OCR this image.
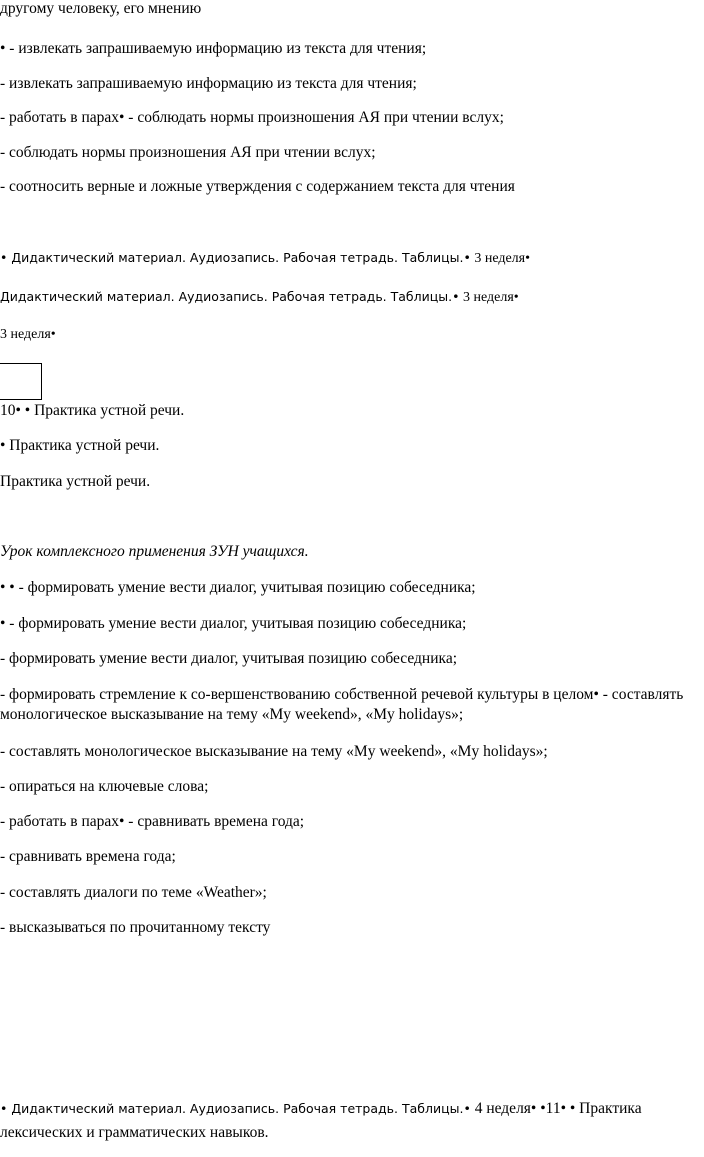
другому человеку, его мнению
• - извлекать запрашиваемую информацию из текста для чтения;
- извлекать запрашиваемую информацию из текста для чтения;
- работать в парах• - соблюдать нормы произношения АЯ при чтении вслух;
- соблюдать нормы произношения АЯ при чтении вслух;
- соотносить верные и ложные утверждения с содержанием текста для чтения
• Дидактический материал. Аудиозапись. Рабочая тетрадь. Таблицы.• 3 неделя•
Дидактический материал. Аудиозапись. Рабочая тетрадь. Таблицы.• 3 неделя•
3 неделя•
10• • Практика устной речи.
• Практика устной речи.
Практика устной речи.
Урок комплексного применения ЗУН учащихся.
• • - формировать умение вести диалог, учитывая позицию собеседника;
• - формировать умение вести диалог, учитывая позицию собеседника;
- формировать умение вести диалог, учитывая позицию собеседника;
- формировать стремление к со-вершенствованию собственной речевой культуры в целом• - составлять монологическое высказывание на тему «My weekend», «My holidays»;
- составлять монологическое высказывание на тему «My weekend», «My holidays»;
- опираться на ключевые слова;
- работать в парах• - сравнивать времена года;
- сравнивать времена года;
- составлять диалоги по теме «Weather»;
- высказываться по прочитанному тексту
• Дидактический материал. Аудиозапись. Рабочая тетрадь. Таблицы.• 4 неделя• •11• • Практика лексических и грамматических навыков.
